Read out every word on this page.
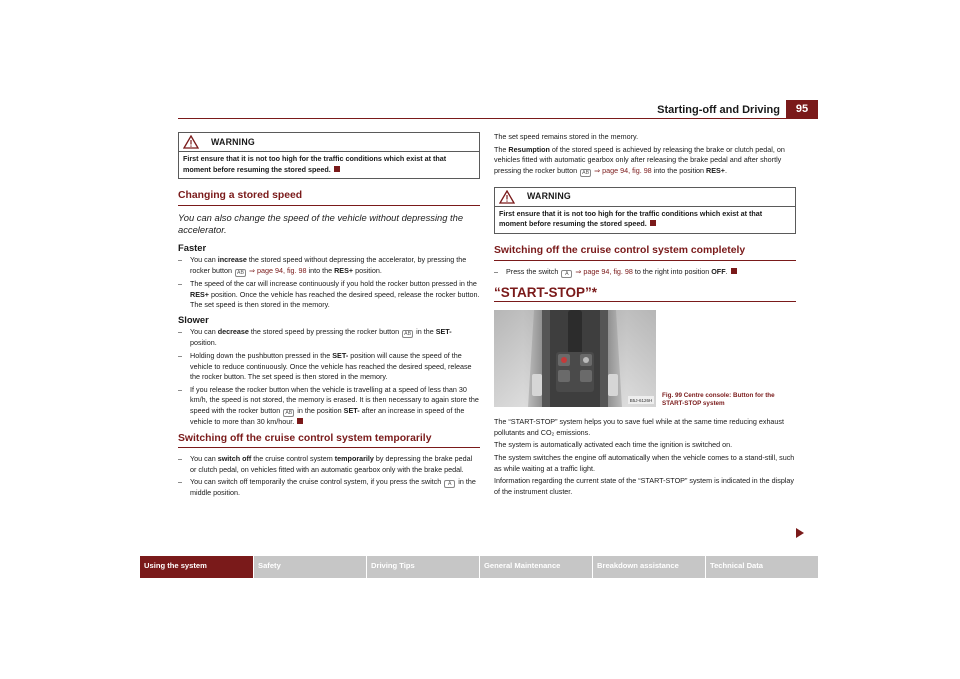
Starting-off and Driving	95
WARNING
First ensure that it is not too high for the traffic conditions which exist at that moment before resuming the stored speed.
Changing a stored speed
You can also change the speed of the vehicle without depressing the accelerator.
Faster
– You can increase the stored speed without depressing the accelerator, by pressing the rocker button AB ⇒ page 94, fig. 98 into the RES+ position.
– The speed of the car will increase continuously if you hold the rocker button pressed in the RES+ position. Once the vehicle has reached the desired speed, release the rocker button. The set speed is then stored in the memory.
Slower
– You can decrease the stored speed by pressing the rocker button AB in the SET- position.
– Holding down the pushbutton pressed in the SET- position will cause the speed of the vehicle to reduce continuously. Once the vehicle has reached the desired speed, release the rocker button. The set speed is then stored in the memory.
– If you release the rocker button when the vehicle is travelling at a speed of less than 30 km/h, the speed is not stored, the memory is erased. It is then necessary to again store the speed with the rocker button AB in the position SET- after an increase in speed of the vehicle to more than 30 km/hour.
Switching off the cruise control system temporarily
– You can switch off the cruise control system temporarily by depressing the brake pedal or clutch pedal, on vehicles fitted with an automatic gearbox only with the brake pedal.
– You can switch off temporarily the cruise control system, if you press the switch A in the middle position.

The set speed remains stored in the memory.

The Resumption of the stored speed is achieved by releasing the brake or clutch pedal, on vehicles fitted with automatic gearbox only after releasing the brake pedal and after shortly pressing the rocker button AB ⇒ page 94, fig. 98 into the position RES+.

WARNING
First ensure that it is not too high for the traffic conditions which exist at that moment before resuming the stored speed.
Switching off the cruise control system completely
– Press the switch A ⇒ page 94, fig. 98 to the right into position OFF.
“START-STOP”*
B5J-6126H
Fig. 99 Centre console: Button for the START-STOP system

The “START-STOP” system helps you to save fuel while at the same time reducing exhaust pollutants and CO₂ emissions.

The system is automatically activated each time the ignition is switched on.

The system switches the engine off automatically when the vehicle comes to a stand-still, such as while waiting at a traffic light.

Information regarding the current state of the “START-STOP” system is indicated in the display of the instrument cluster.

Using the system	Safety	Driving Tips	General Maintenance	Breakdown assistance	Technical Data
